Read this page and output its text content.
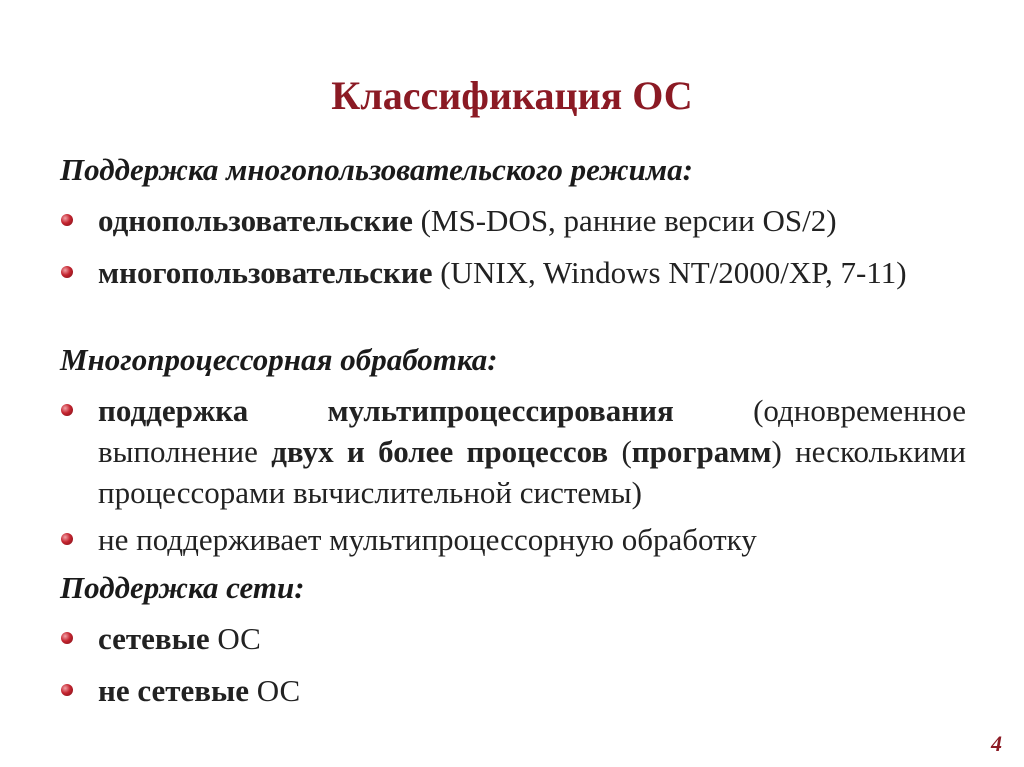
Классификация ОС
Поддержка многопользовательского режима:
однопользовательские (MS-DOS, ранние версии OS/2)
многопользовательские (UNIX, Windows NT/2000/XP, 7-11)
Многопроцессорная обработка:
поддержка мультипроцессирования (одновременное выполнение двух и более процессов (программ) несколькими процессорами вычислительной системы)
не поддерживает мультипроцессорную обработку
Поддержка сети:
сетевые ОС
не сетевые ОС
4
